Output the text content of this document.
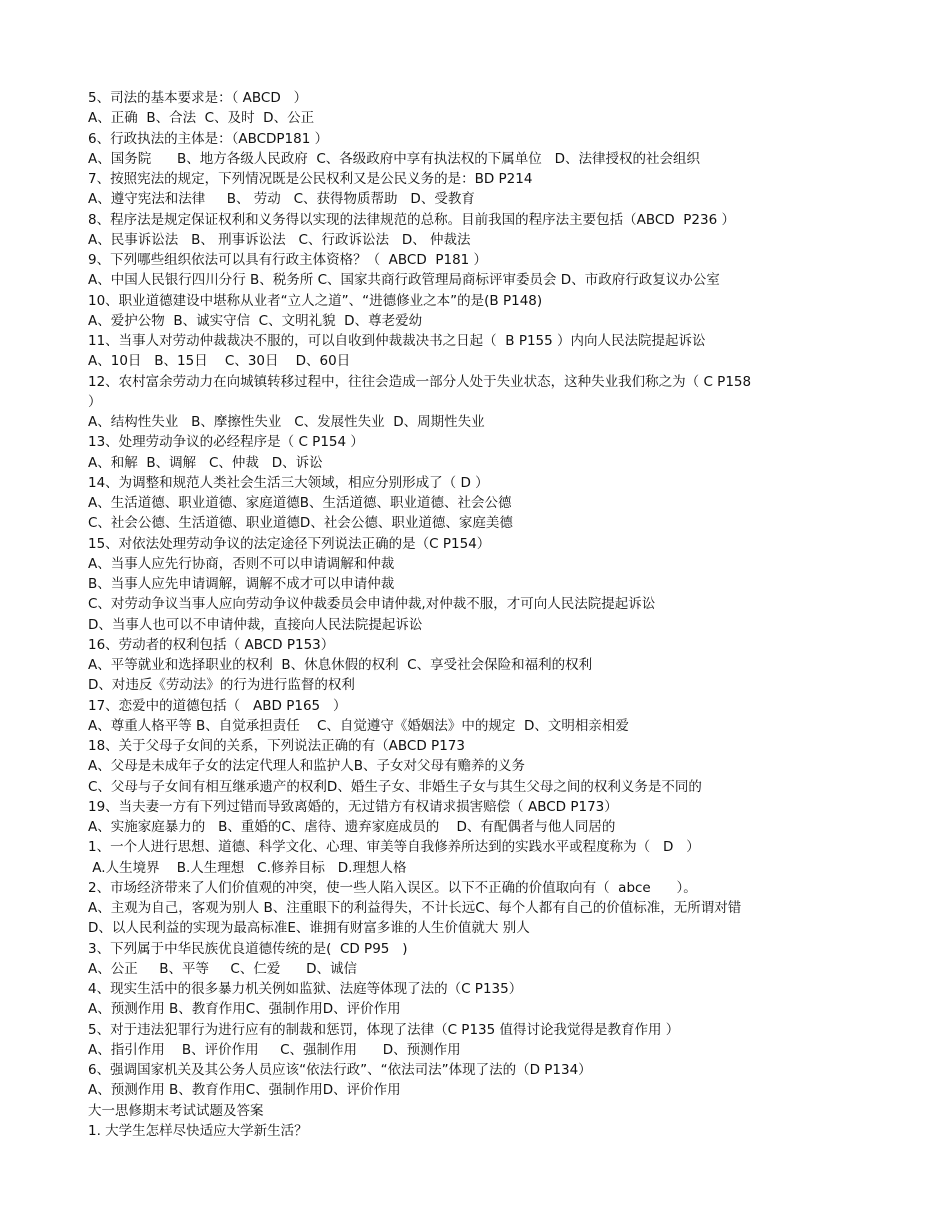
5、司法的基本要求是：（ ABCD   ）
A、正确  B、合法  C、及时  D、公正
6、行政执法的主体是：（ABCDP181 ）
A、国务院      B、地方各级人民政府  C、各级政府中享有执法权的下属单位   D、法律授权的社会组织
7、按照宪法的规定，下列情况既是公民权利又是公民义务的是：BD P214
A、遵守宪法和法律     B、 劳动   C、获得物质帮助   D、受教育
8、程序法是规定保证权利和义务得以实现的法律规范的总称。目前我国的程序法主要包括（ABCD  P236 ）
A、民事诉讼法   B、 刑事诉讼法   C、行政诉讼法   D、 仲裁法
9、下列哪些组织依法可以具有行政主体资格？（  ABCD  P181 ）
A、中国人民银行四川分行 B、税务所 C、国家共商行政管理局商标评审委员会 D、市政府行政复议办公室
10、职业道德建设中堪称从业者“立人之道”、“进德修业之本”的是(B P148)
A、爱护公物  B、诚实守信  C、文明礼貌  D、尊老爱幼
11、当事人对劳动仲裁裁决不服的，可以自收到仲裁裁决书之日起（  B P155 ）内向人民法院提起诉讼
A、10日   B、15日    C、30日    D、60日
12、农村富余劳动力在向城镇转移过程中，往往会造成一部分人处于失业状态，这种失业我们称之为（ C P158
）
A、结构性失业   B、摩擦性失业   C、发展性失业  D、周期性失业
13、处理劳动争议的必经程序是（ C P154 ）
A、和解  B、调解   C、仲裁   D、诉讼
14、为调整和规范人类社会生活三大领域，相应分别形成了（ D ）
A、生活道德、职业道德、家庭道德B、生活道德、职业道德、社会公德
C、社会公德、生活道德、职业道德D、社会公德、职业道德、家庭美德
15、对依法处理劳动争议的法定途径下列说法正确的是（C P154）
A、当事人应先行协商，否则不可以申请调解和仲裁
B、当事人应先申请调解，调解不成才可以申请仲裁
C、对劳动争议当事人应向劳动争议仲裁委员会申请仲裁,对仲裁不服，才可向人民法院提起诉讼
D、当事人也可以不申请仲裁，直接向人民法院提起诉讼
16、劳动者的权利包括（ ABCD P153）
A、平等就业和选择职业的权利  B、休息休假的权利  C、享受社会保险和福利的权利
D、对违反《劳动法》的行为进行监督的权利
17、恋爱中的道德包括（   ABD P165   ）
A、尊重人格平等 B、自觉承担责任    C、自觉遵守《婚姻法》中的规定  D、文明相亲相爱
18、关于父母子女间的关系，下列说法正确的有（ABCD P173
A、父母是未成年子女的法定代理人和监护人B、子女对父母有赡养的义务
C、父母与子女间有相互继承遗产的权利D、婚生子女、非婚生子女与其生父母之间的权利义务是不同的
19、当夫妻一方有下列过错而导致离婚的，无过错方有权请求损害赔偿（ ABCD P173）
A、实施家庭暴力的   B、重婚的C、虐待、遗弃家庭成员的    D、有配偶者与他人同居的
1、一个人进行思想、道德、科学文化、心理、审美等自我修养所达到的实践水平或程度称为（   D   ）
A.人生境界    B.人生理想   C.修养目标   D.理想人格
2、市场经济带来了人们价值观的冲突，使一些人陷入误区。以下不正确的价值取向有（  abce      ）。
A、主观为自己，客观为别人 B、注重眼下的利益得失，不计长远C、每个人都有自己的价值标准，无所谓对错
D、以人民利益的实现为最高标准E、谁拥有财富多谁的人生价值就大 别人
3、下列属于中华民族优良道德传统的是(  CD P95   )
A、公正     B、平等     C、仁爱      D、诚信
4、现实生活中的很多暴力机关例如监狱、法庭等体现了法的（C P135）
A、预测作用 B、教育作用C、强制作用D、评价作用
5、对于违法犯罪行为进行应有的制裁和惩罚，体现了法律（C P135 值得讨论我觉得是教育作用 ）
A、指引作用    B、评价作用     C、强制作用      D、预测作用
6、强调国家机关及其公务人员应该“依法行政”、“依法司法”体现了法的（D P134）
A、预测作用 B、教育作用C、强制作用D、评价作用
大一思修期末考试试题及答案
1. 大学生怎样尽快适应大学新生活？
